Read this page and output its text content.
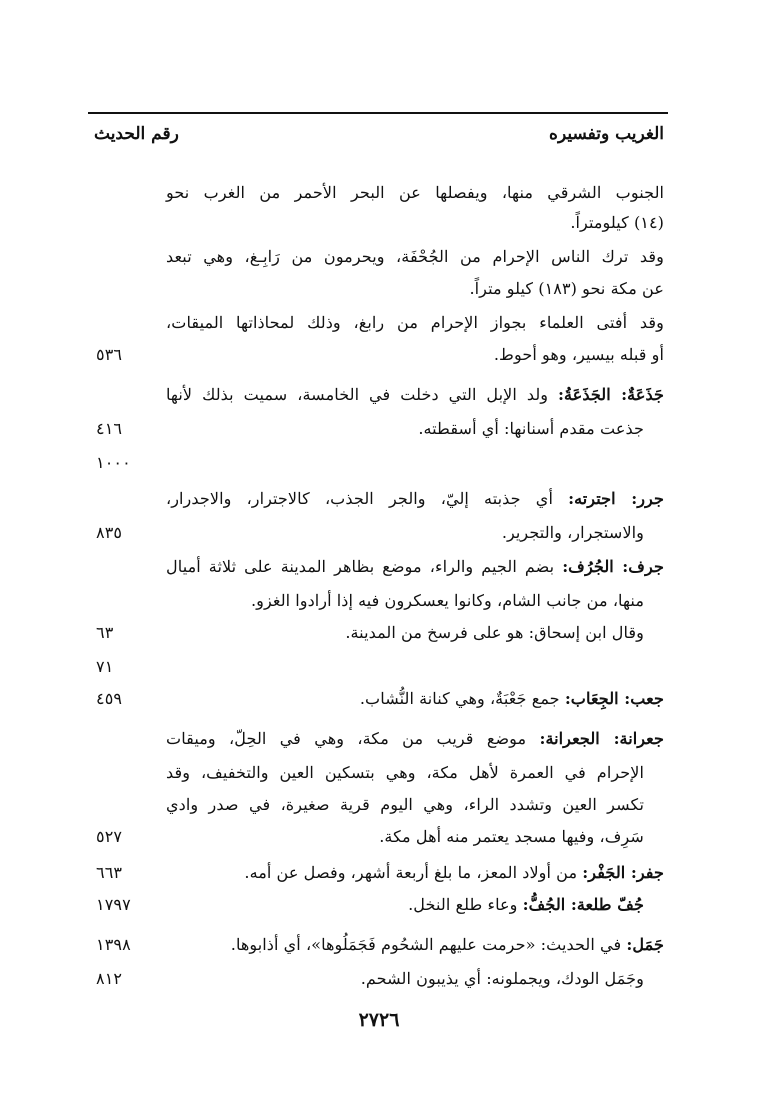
الغريب وتفسيره
رقم الحديث
الجنوب الشرقي منها، ويفصلها عن البحر الأحمر من الغرب نحو
(١٤) كيلومتراً.
وقد ترك الناس الإحرام من الجُحْفَة، ويحرمون من رَابِـغ، وهي تبعد
عن مكة نحو (١٨٣) كيلو متراً.
وقد أفتى العلماء بجواز الإحرام من رابغ، وذلك لمحاذاتها الميقات،
أو قبله بيسير، وهو أحوط.
جَذَعَةٌ: الجَذَعَةُ: ولد الإبل التي دخلت في الخامسة، سميت بذلك لأنها
جذعت مقدم أسنانها: أي أسقطته.
جرر: اجترته: أي جذبته إليّ، والجر الجذب، كالاجترار، والاجدرار،
والاستجرار، والتجرير.
جرف: الجُرُف: بضم الجيم والراء، موضع بظاهر المدينة على ثلاثة أميال
منها، من جانب الشام، وكانوا يعسكرون فيه إذا أرادوا الغزو.
وقال ابن إسحاق: هو على فرسخ من المدينة.
جعب: الجِعَاب: جمع جَعْبَةٌ، وهي كنانة النُّشاب.
جعرانة: الجعرانة: موضع قريب من مكة، وهي في الحِلّ، وميقات
الإحرام في العمرة لأهل مكة، وهي بتسكين العين والتخفيف، وقد
تكسر العين وتشدد الراء، وهي اليوم قرية صغيرة، في صدر وادي
سَرِف، وفيها مسجد يعتمر منه أهل مكة.
جفر: الجَفْر: من أولاد المعز، ما بلغ أربعة أشهر، وفصل عن أمه.
جُفّ طلعة: الجُفُّ: وعاء طلع النخل.
جَمَل: في الحديث: «حرمت عليهم الشحُوم فَجَمَلُوها»، أي أذابوها.
وجَمَل الودك، ويجملونه: أي يذيبون الشحم.
٥٣٦
٤١٦
١٠٠٠
٨٣٥
٦٣
٧١
٤٥٩
٥٢٧
٦٦٣
١٧٩٧
١٣٩٨
٨١٢
٢٧٢٦
